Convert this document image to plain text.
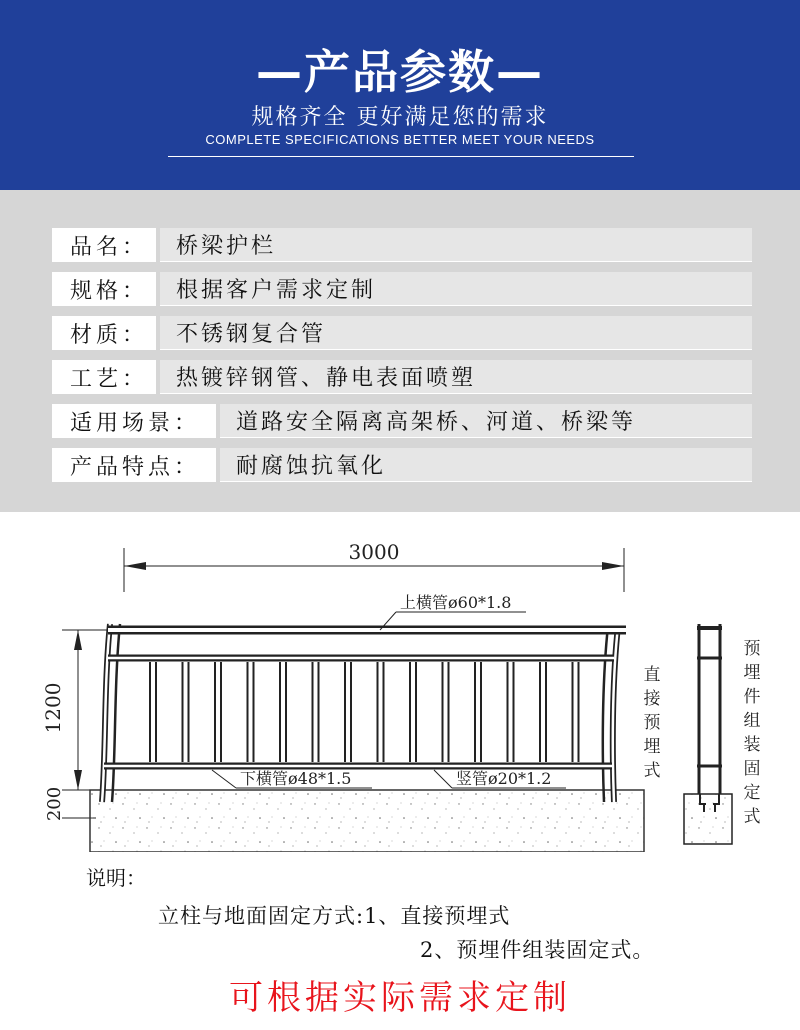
—产品参数—
规格齐全 更好满足您的需求
COMPLETE SPECIFICATIONS BETTER MEET YOUR NEEDS
品名：	桥梁护栏
规格：	根据客户需求定制
材质：	不锈钢复合管
工艺：	热镀锌钢管、静电表面喷塑
适用场景：	道路安全隔离高架桥、河道、桥梁等
产品特点：	耐腐蚀抗氧化
3000
1200
200
上横管ø60*1.8
下横管ø48*1.5	竖管ø20*1.2
直
接
预
埋
式
预
埋
件
组
装
固
定
式
说明：
立柱与地面固定方式:1、直接预埋式
2、预埋件组装固定式。
可根据实际需求定制
